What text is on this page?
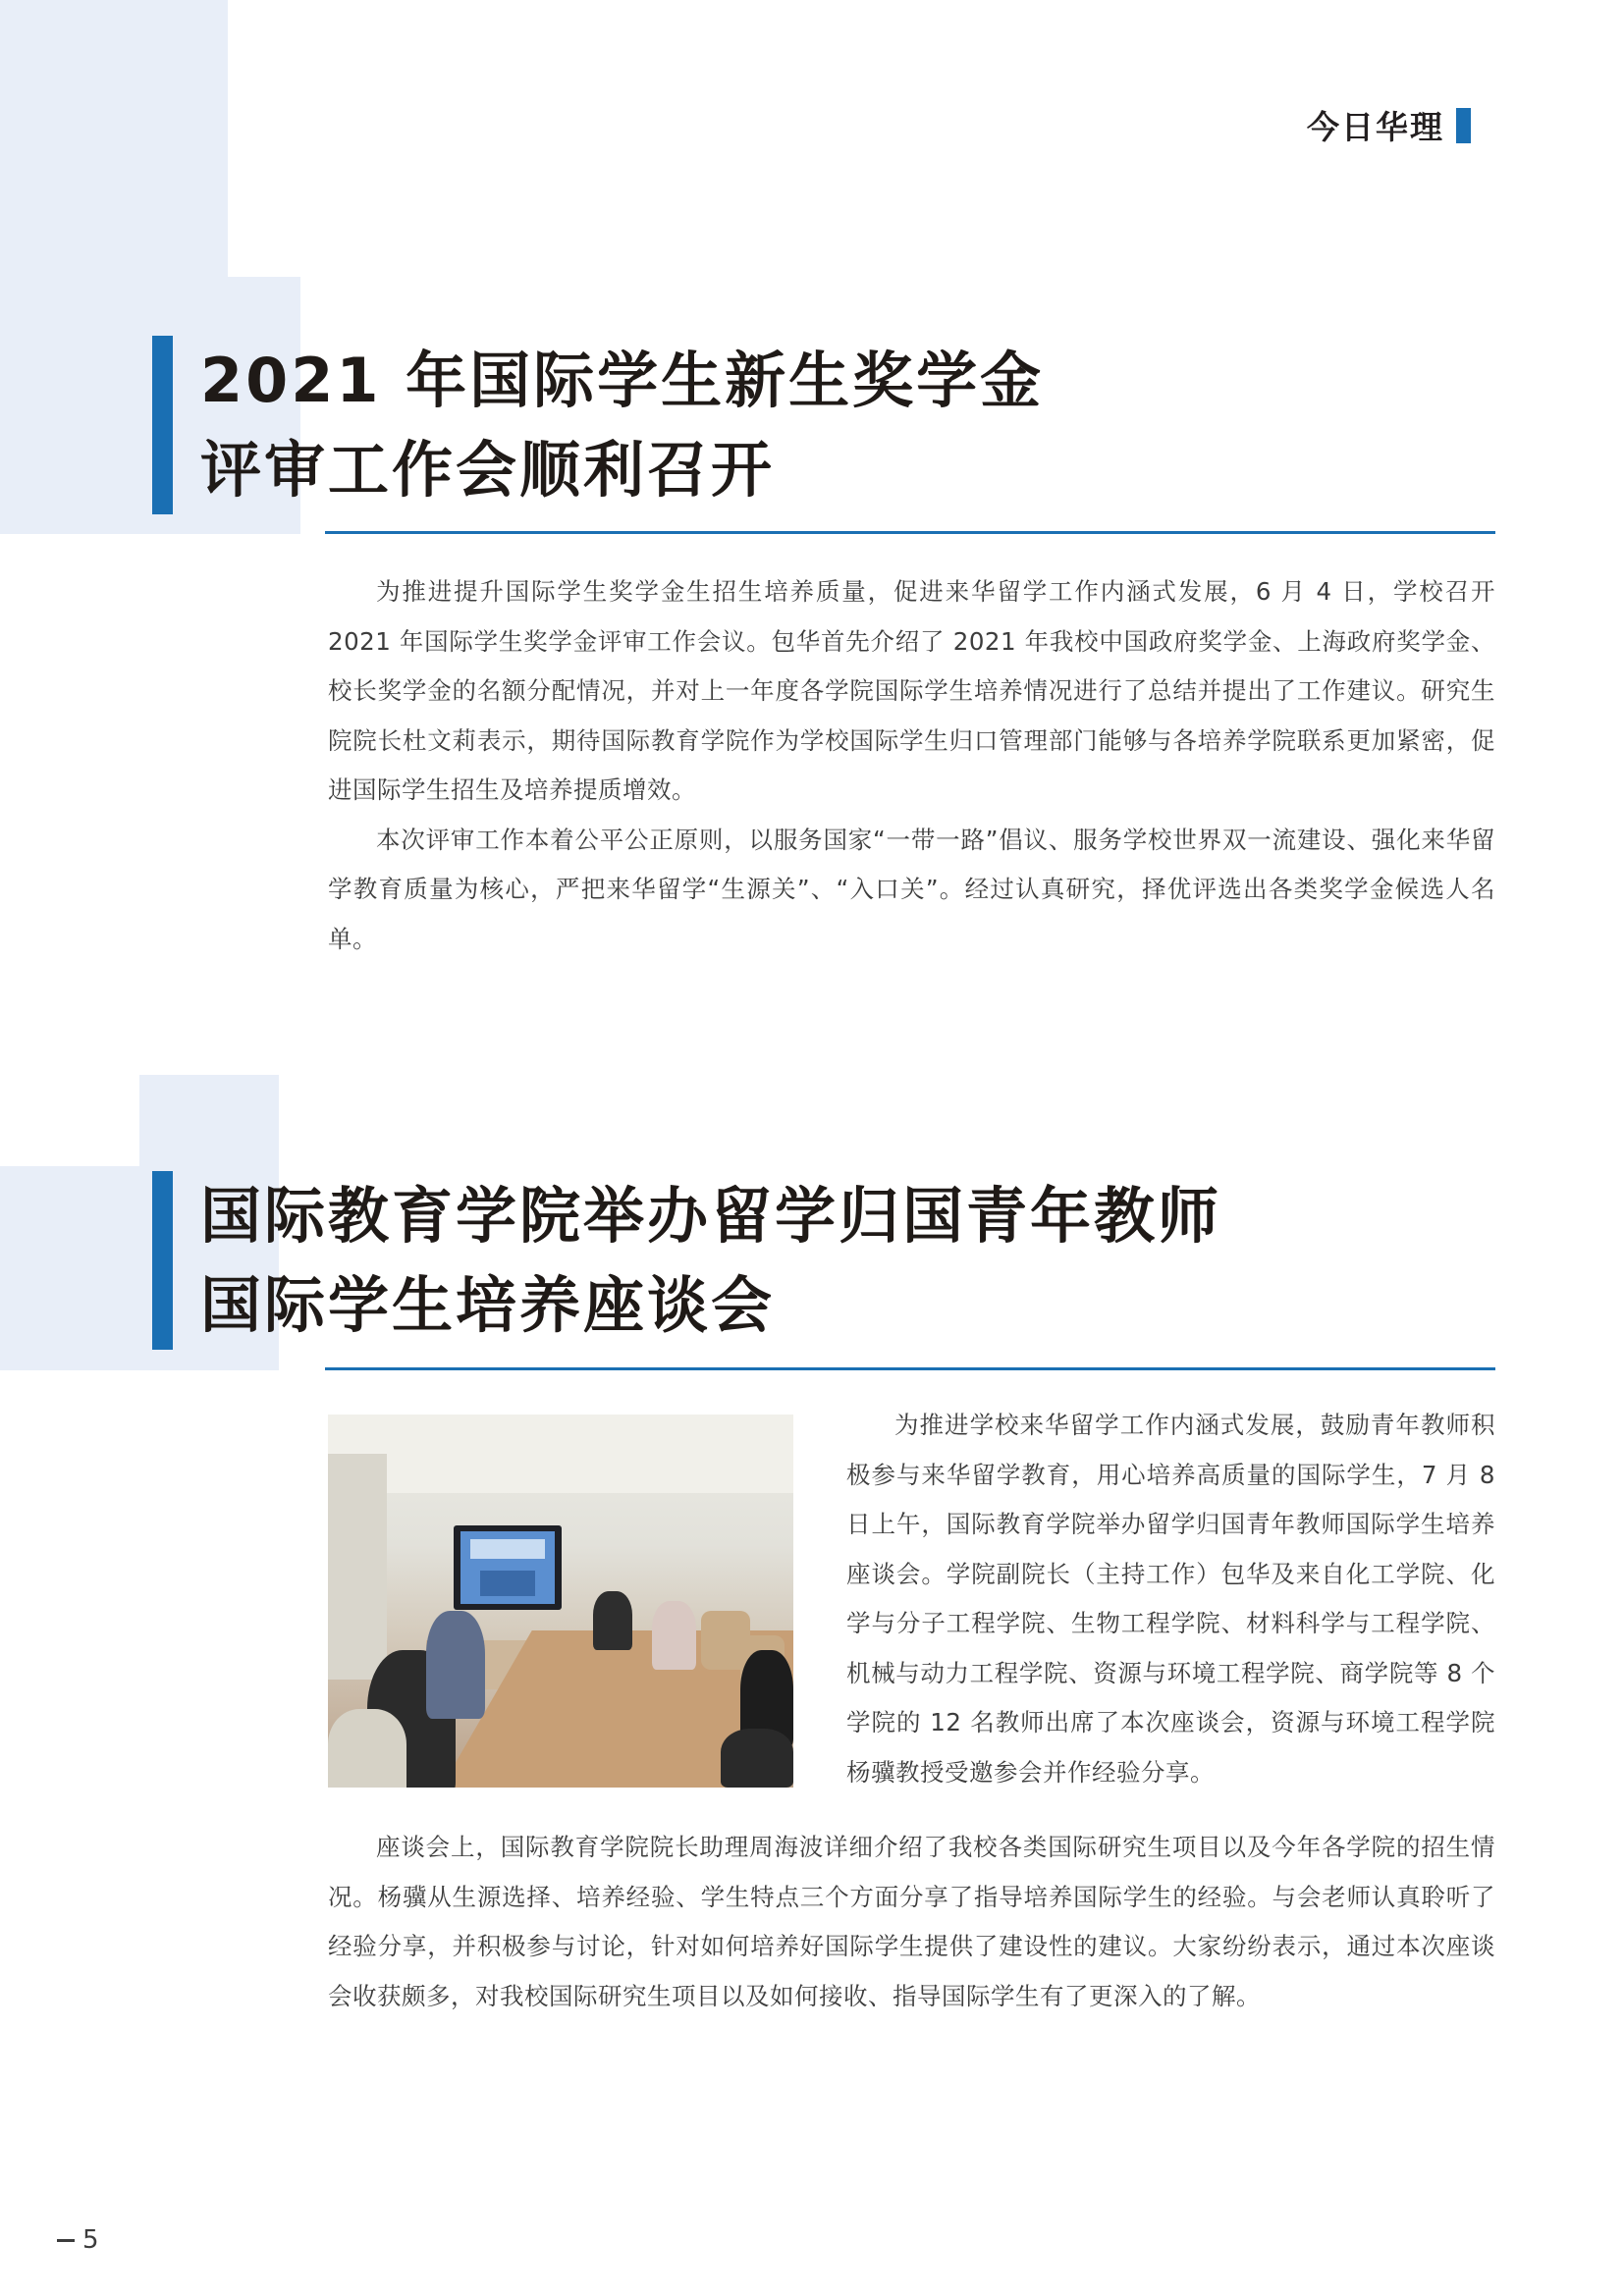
今日华理
2021 年国际学生新生奖学金
评审工作会顺利召开

为推进提升国际学生奖学金生招生培养质量，促进来华留学工作内涵式发展，6 月 4 日，学校召开 2021 年国际学生奖学金评审工作会议。包华首先介绍了 2021 年我校中国政府奖学金、上海政府奖学金、校长奖学金的名额分配情况，并对上一年度各学院国际学生培养情况进行了总结并提出了工作建议。研究生院院长杜文莉表示，期待国际教育学院作为学校国际学生归口管理部门能够与各培养学院联系更加紧密，促进国际学生招生及培养提质增效。

本次评审工作本着公平公正原则，以服务国家“一带一路”倡议、服务学校世界双一流建设、强化来华留学教育质量为核心，严把来华留学“生源关”、“入口关”。经过认真研究，择优评选出各类奖学金候选人名单。

国际教育学院举办留学归国青年教师
国际学生培养座谈会

为推进学校来华留学工作内涵式发展，鼓励青年教师积极参与来华留学教育，用心培养高质量的国际学生，7 月 8 日上午，国际教育学院举办留学归国青年教师国际学生培养座谈会。学院副院长（主持工作）包华及来自化工学院、化学与分子工程学院、生物工程学院、材料科学与工程学院、机械与动力工程学院、资源与环境工程学院、商学院等 8 个学院的 12 名教师出席了本次座谈会，资源与环境工程学院杨骥教授受邀参会并作经验分享。

座谈会上，国际教育学院院长助理周海波详细介绍了我校各类国际研究生项目以及今年各学院的招生情况。杨骥从生源选择、培养经验、学生特点三个方面分享了指导培养国际学生的经验。与会老师认真聆听了经验分享，并积极参与讨论，针对如何培养好国际学生提供了建设性的建议。大家纷纷表示，通过本次座谈会收获颇多，对我校国际研究生项目以及如何接收、指导国际学生有了更深入的了解。

5
